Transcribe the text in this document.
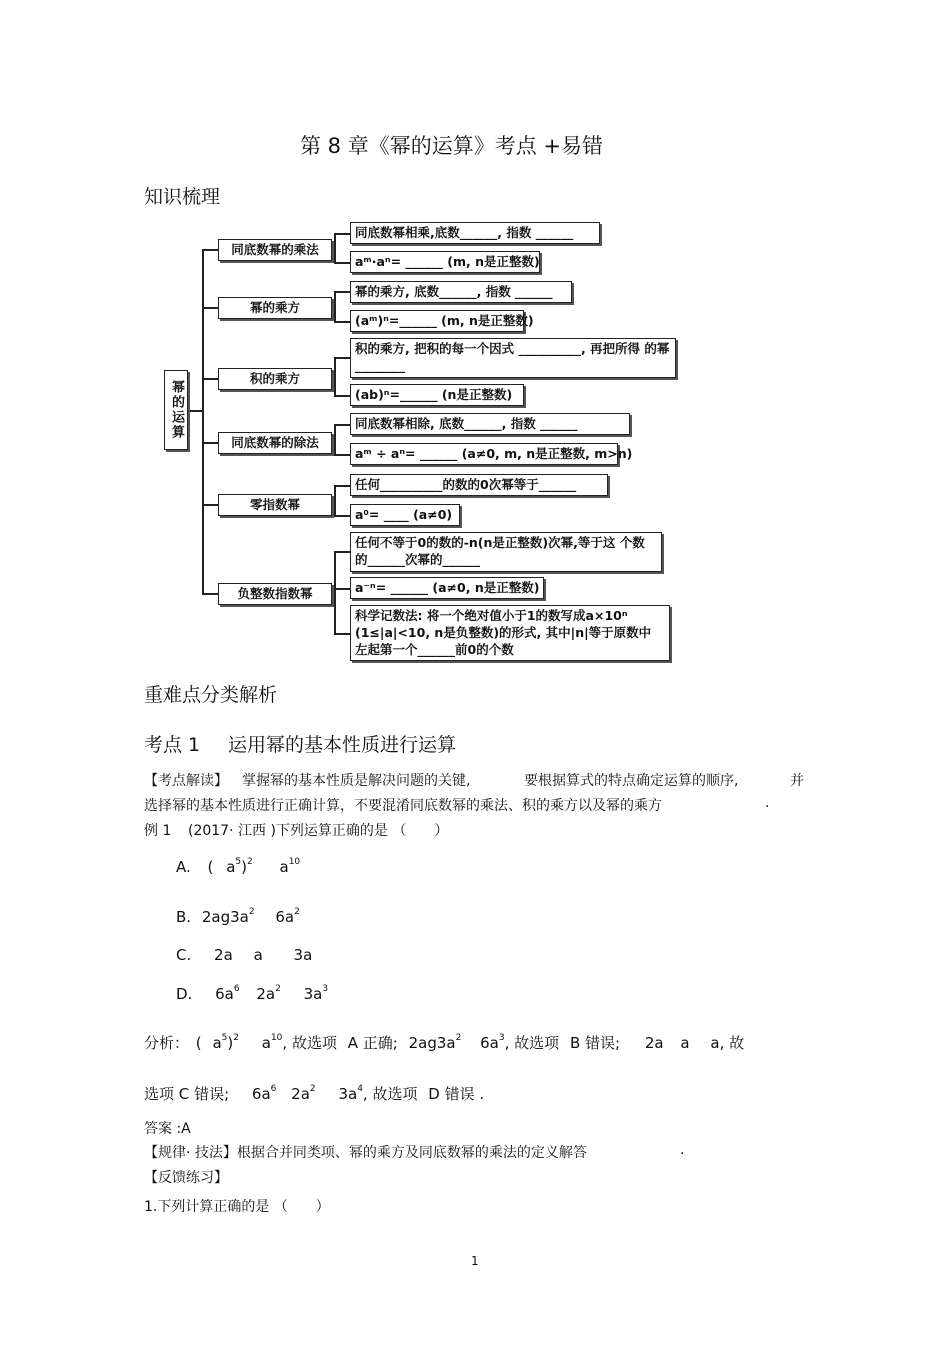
第 8 章《幂的运算》考点 +易错
知识梳理
幂的运算
同底数幂的乘法
幂的乘方
积的乘方
同底数幂的除法
零指数幂
负整数指数幂
同底数幂相乘,底数______, 指数 ______
aᵐ·aⁿ= ______ (m, n是正整数)
幂的乘方, 底数______, 指数 ______
(aᵐ)ⁿ=______ (m, n是正整数)
积的乘方, 把积的每一个因式 __________, 再把所得 的幂 ________
(ab)ⁿ=______ (n是正整数)
同底数幂相除, 底数______, 指数 ______
aᵐ ÷ aⁿ= ______ (a≠0, m, n是正整数, m>n)
任何__________的数的0次幂等于______
a⁰= ____ (a≠0)
任何不等于0的数的-n(n是正整数)次幂,等于这 个数的______次幂的______
a⁻ⁿ= ______ (a≠0, n是正整数)
科学记数法: 将一个绝对值小于1的数写成a×10ⁿ (1≤|a|<10, n是负整数)的形式, 其中|n|等于原数中 左起第一个______前0的个数
重难点分类解析
考点 1 运用幂的基本性质进行运算
【考点解读】 掌握幂的基本性质是解决问题的关键,	要根据算式的特点确定运算的顺序,	并
选择幂的基本性质进行正确计算，不要混淆同底数幂的乘法、积的乘方以及幂的乘方	.
例 1 (2017· 江西 )下列运算正确的是 （　　）
A. ( $a^5)^2$ $a^{10}$
B. $2ag3a^2$ $6a^2$
C. 2a a 3a
D. $6a^6$ $2a^2$ $3a^3$
分析： ( $a^5)^2$ $a^{10}$, 故选项 A 正确; $2ag3a^2$ $6a^3$, 故选项 B 错误; 2a a a, 故
选项 C 错误; $6a^6$ $2a^2$ $3a^4$, 故选项 D 错误 .
答案 :A
【规律· 技法】根据合并同类项、幂的乘方及同底数幂的乘法的定义解答	.
【反馈练习】
1.下列计算正确的是 （　　）
1
